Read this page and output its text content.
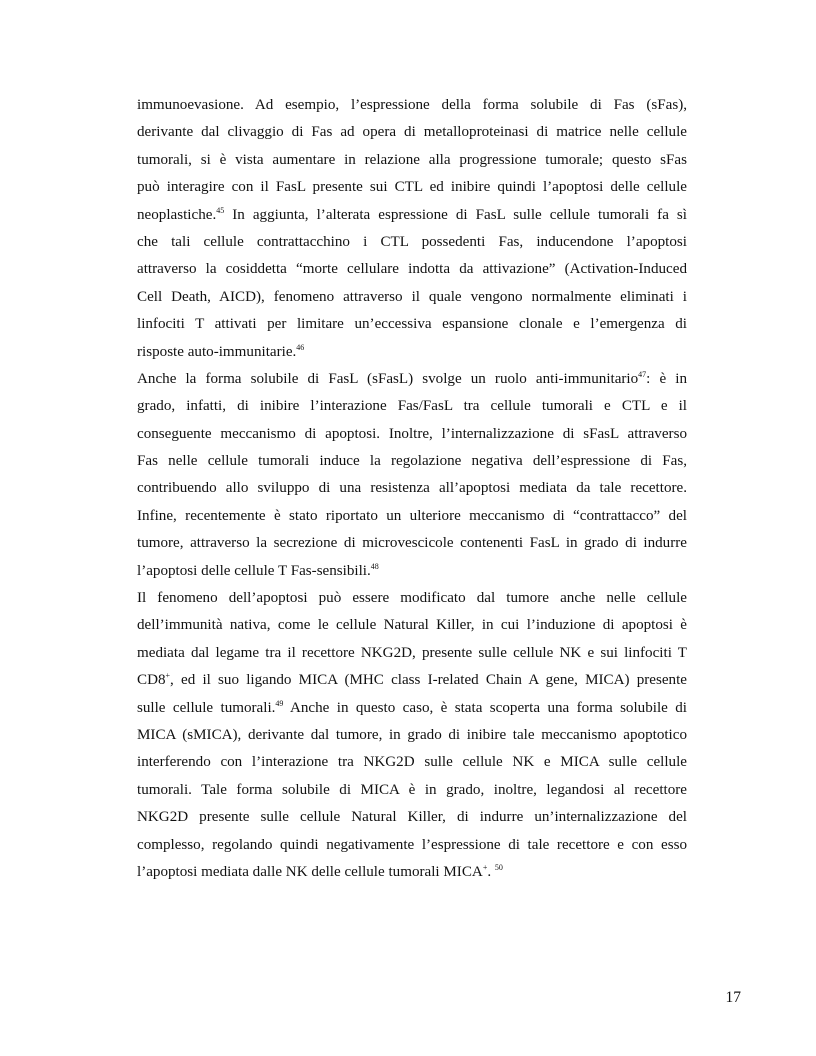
immunoevasione. Ad esempio, l’espressione della forma solubile di Fas (sFas),
derivante dal clivaggio di Fas ad opera di metalloproteinasi di matrice nelle cellule
tumorali, si è vista aumentare in relazione alla progressione tumorale; questo sFas
può interagire con il FasL presente sui CTL ed inibire quindi l’apoptosi delle cellule
neoplastiche.$^{45}$ In aggiunta, l’alterata espressione di FasL sulle cellule tumorali fa sì
che tali cellule contrattacchino i CTL possedenti Fas, inducendone l’apoptosi
attraverso la cosiddetta “morte cellulare indotta da attivazione” (Activation-Induced
Cell Death, AICD), fenomeno attraverso il quale vengono normalmente eliminati i
linfociti T attivati per limitare un’eccessiva espansione clonale e l’emergenza di
risposte auto-immunitarie.$^{46}$

Anche la forma solubile di FasL (sFasL) svolge un ruolo anti-immunitario$^{47}$: è in
grado, infatti, di inibire l’interazione Fas/FasL tra cellule tumorali e CTL e il
conseguente meccanismo di apoptosi. Inoltre, l’internalizzazione di sFasL attraverso
Fas nelle cellule tumorali induce la regolazione negativa dell’espressione di Fas,
contribuendo allo sviluppo di una resistenza all’apoptosi mediata da tale recettore.
Infine, recentemente è stato riportato un ulteriore meccanismo di “contrattacco” del
tumore, attraverso la secrezione di microvescicole contenenti FasL in grado di indurre
l’apoptosi delle cellule T Fas-sensibili.$^{48}$

Il fenomeno dell’apoptosi può essere modificato dal tumore anche nelle cellule
dell’immunità nativa, come le cellule Natural Killer, in cui l’induzione di apoptosi è
mediata dal legame tra il recettore NKG2D, presente sulle cellule NK e sui linfociti T
CD8+, ed il suo ligando MICA (MHC class I-related Chain A gene, MICA) presente
sulle cellule tumorali.$^{49}$ Anche in questo caso, è stata scoperta una forma solubile di
MICA (sMICA), derivante dal tumore, in grado di inibire tale meccanismo apoptotico
interferendo con l’interazione tra NKG2D sulle cellule NK e MICA sulle cellule
tumorali. Tale forma solubile di MICA è in grado, inoltre, legandosi al recettore
NKG2D presente sulle cellule Natural Killer, di indurre un’internalizzazione del
complesso, regolando quindi negativamente l’espressione di tale recettore e con esso
l’apoptosi mediata dalle NK delle cellule tumorali MICA+. $^{50}$

17
